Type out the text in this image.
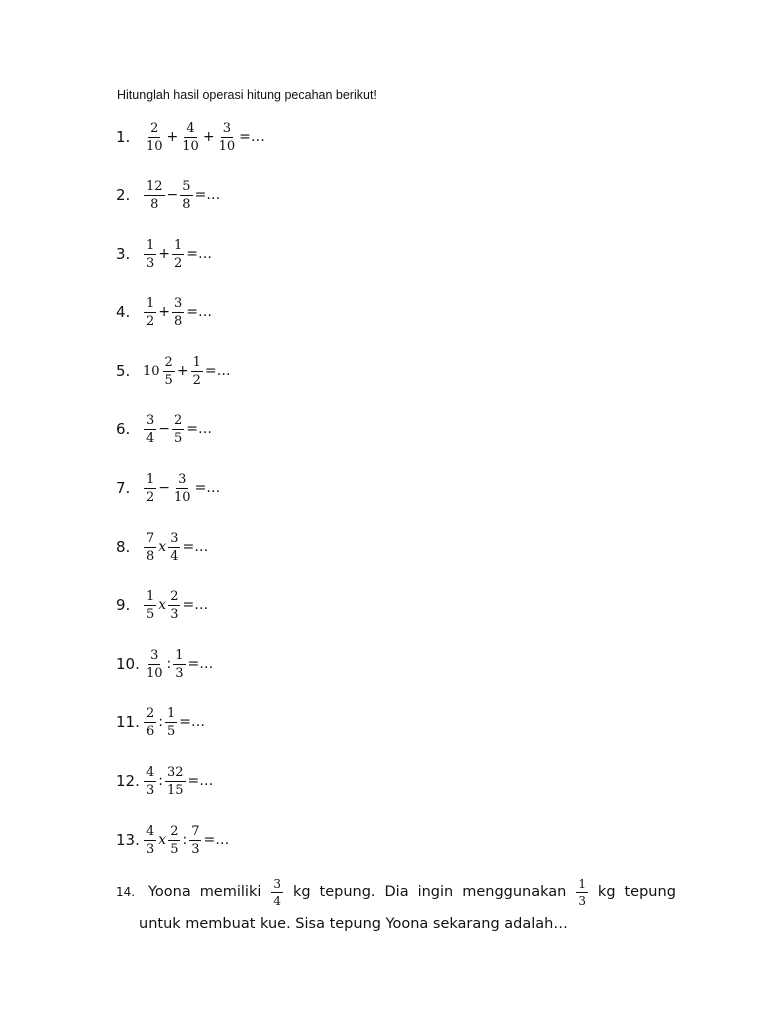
Hitunglah hasil operasi hitung pecahan berikut!
1.	$\frac{2}{10} + \frac{4}{10} + \frac{3}{10}$ =…
2.	$\frac{12}{8} - \frac{5}{8}$ =…
3.	$\frac{1}{3} + \frac{1}{2}$ =…
4.	$\frac{1}{2} + \frac{3}{8}$ =…
5. $10 \frac{2}{5} + \frac{1}{2}$ =…
6.	$\frac{3}{4} - \frac{2}{5}$ =…
7.	$\frac{1}{2} - \frac{3}{10}$ =…
8.	$\frac{7}{8}$ x $\frac{3}{4}$ =…
9.	$\frac{1}{5}$ x $\frac{2}{3}$ =…
10. $\frac{3}{10}$ : $\frac{1}{3}$ =…
11. $\frac{2}{6}$ : $\frac{1}{5}$ =…
12. $\frac{4}{3}$ : $\frac{32}{15}$ =…
13. $\frac{4}{3}$ x $\frac{2}{5}$ : $\frac{7}{3}$ =…
14. Yoona memiliki $\frac{3}{4}$ kg tepung. Dia ingin menggunakan $\frac{1}{3}$ kg tepung
untuk membuat kue. Sisa tepung Yoona sekarang adalah…
